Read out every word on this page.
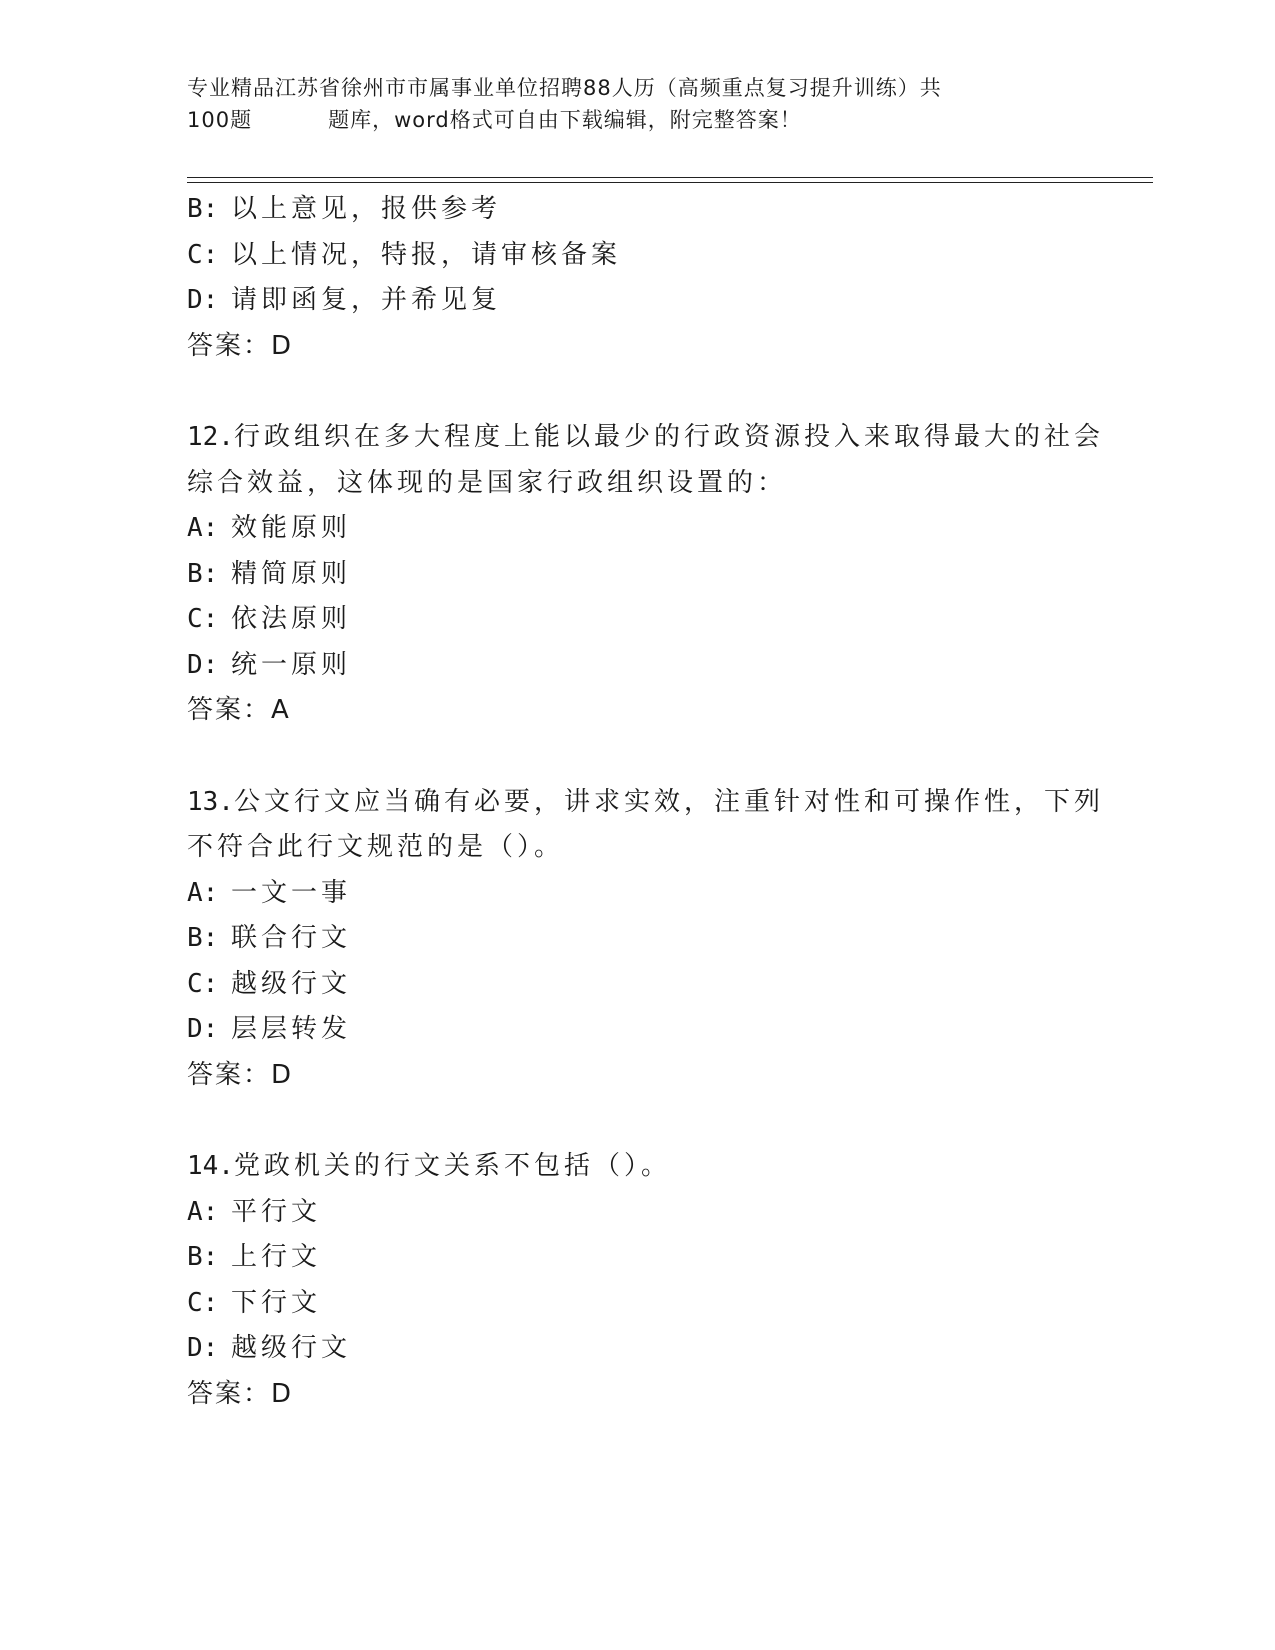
专业精品江苏省徐州市市属事业单位招聘88人历（高频重点复习提升训练）共
100题	题库，word格式可自由下载编辑，附完整答案！
B: 以上意见，报供参考
C: 以上情况，特报，请审核备案
D: 请即函复，并希见复
答案：D
12.行政组织在多大程度上能以最少的行政资源投入来取得最大的社会
综合效益，这体现的是国家行政组织设置的：
A: 效能原则
B: 精简原则
C: 依法原则
D: 统一原则
答案：A
13.公文行文应当确有必要，讲求实效，注重针对性和可操作性，下列
不符合此行文规范的是（）。
A: 一文一事
B: 联合行文
C: 越级行文
D: 层层转发
答案：D
14.党政机关的行文关系不包括（）。
A: 平行文
B: 上行文
C: 下行文
D: 越级行文
答案：D
